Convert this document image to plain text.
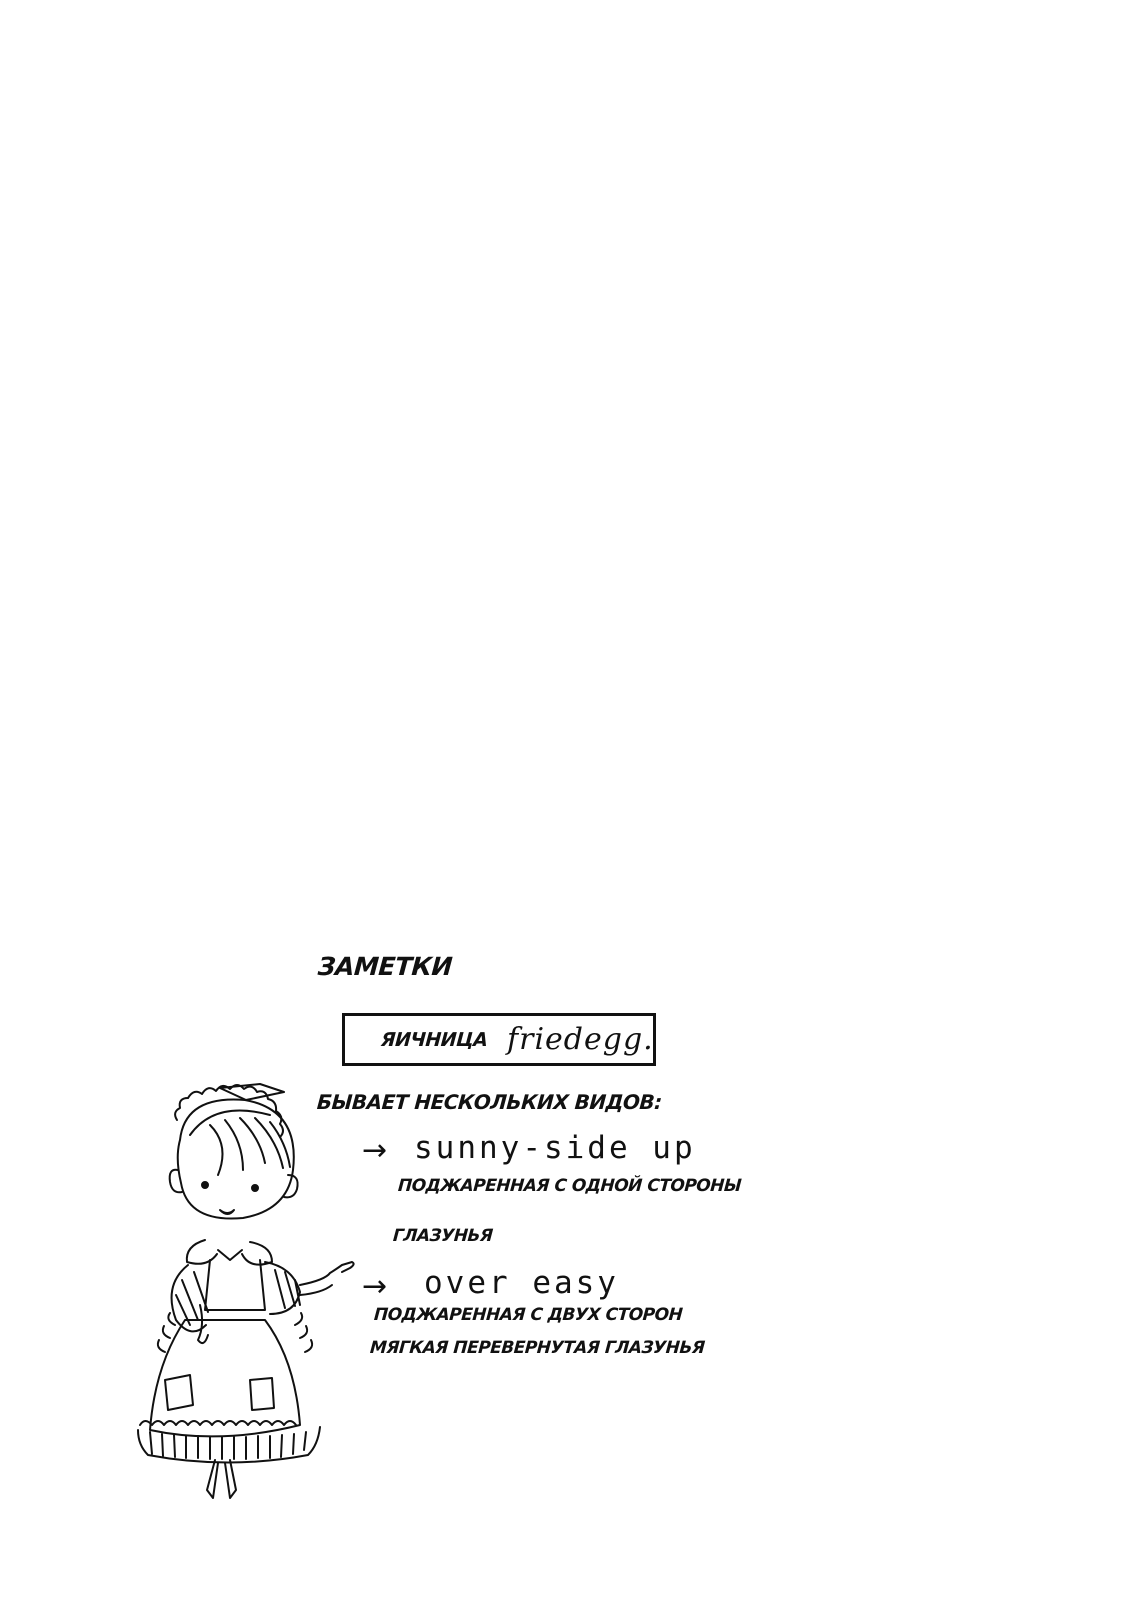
ЗАМЕТКИ
ЯИЧНИЦА friedegg.
БЫВАЕТ НЕСКОЛЬКИХ ВИДОВ:
→ sunny-side up
ПОДЖАРЕННАЯ С ОДНОЙ СТОРОНЫ
ГЛАЗУНЬЯ
→ over easy
ПОДЖАРЕННАЯ С ДВУХ СТОРОН
МЯГКАЯ ПЕРЕВЕРНУТАЯ ГЛАЗУНЬЯ
